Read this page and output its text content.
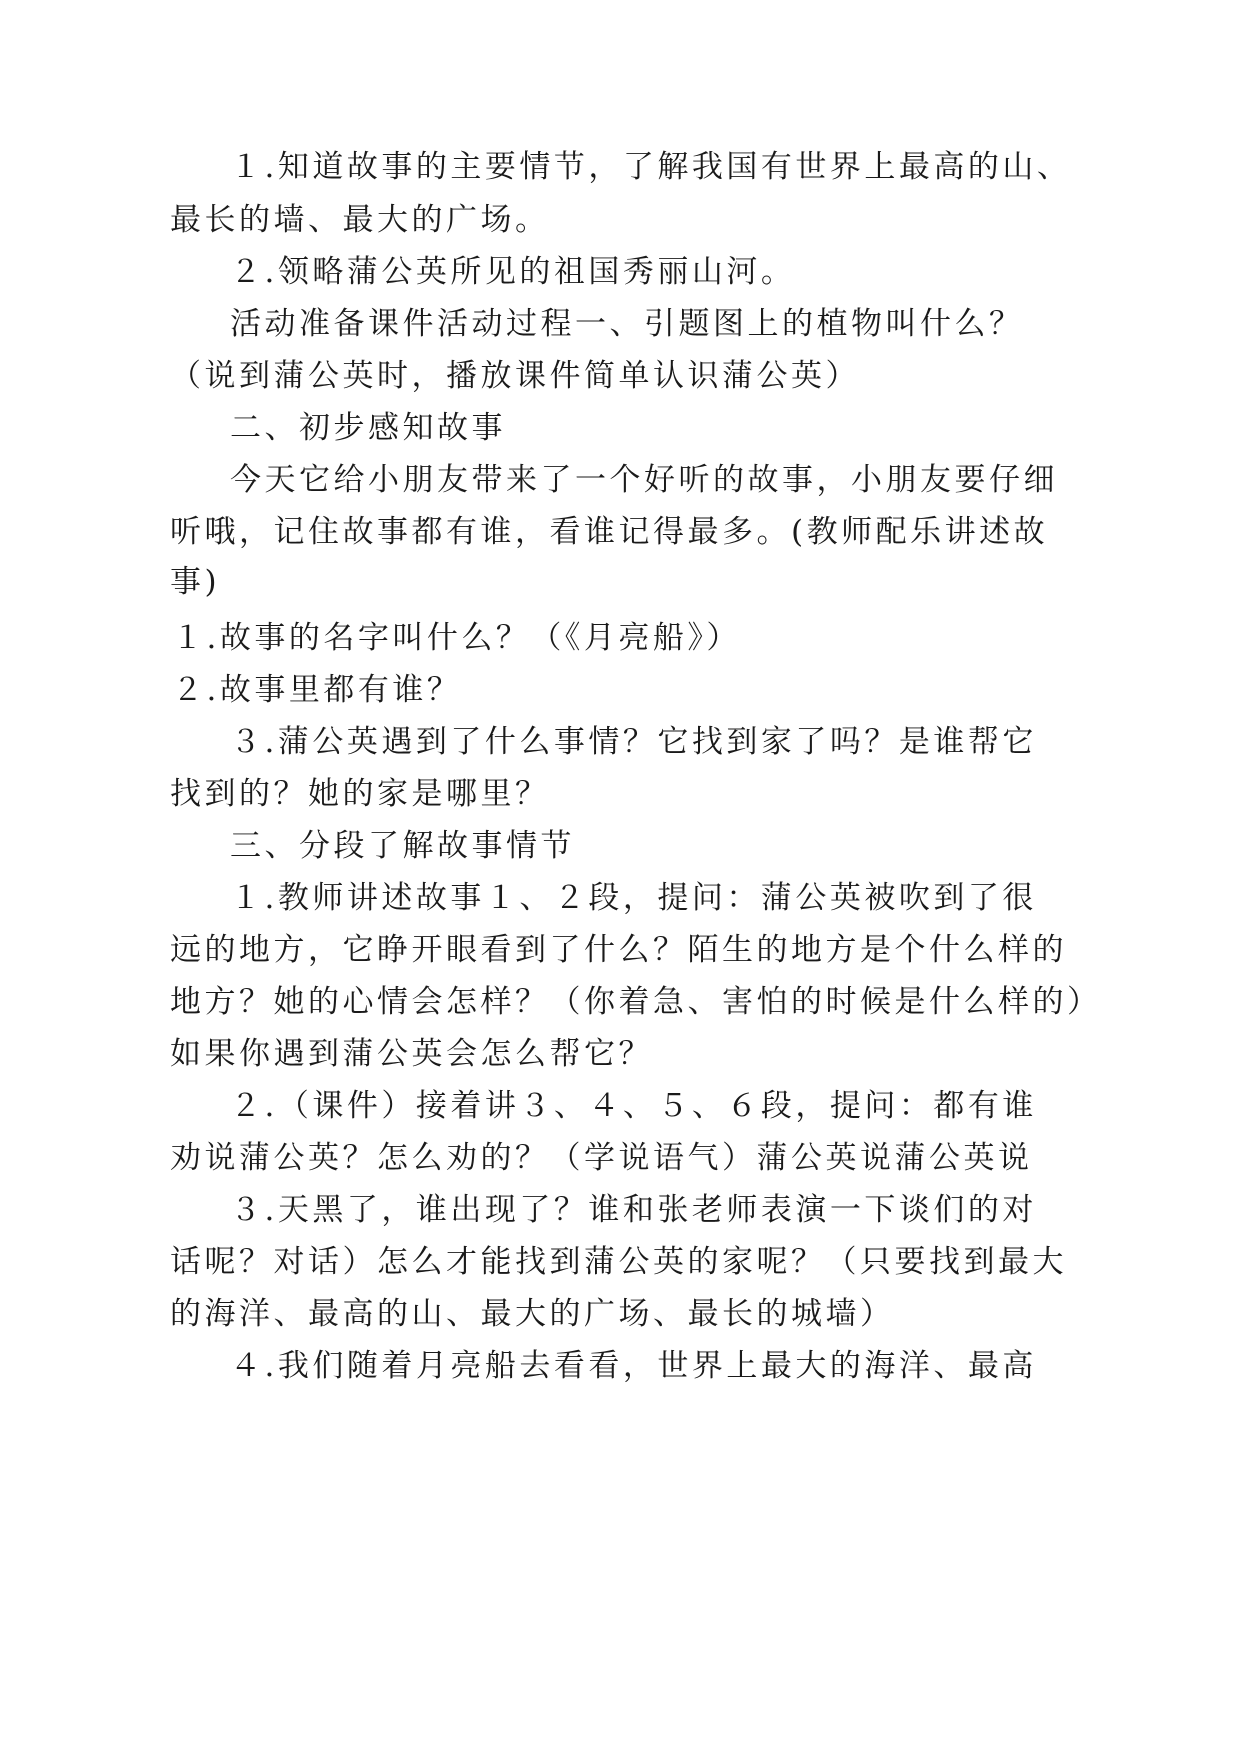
１.知道故事的主要情节，了解我国有世界上最高的山、

最长的墙、最大的广场。

２.领略蒲公英所见的祖国秀丽山河。

活动准备课件活动过程一、引题图上的植物叫什么？

（说到蒲公英时，播放课件简单认识蒲公英）

二、初步感知故事

今天它给小朋友带来了一个好听的故事，小朋友要仔细

听哦，记住故事都有谁，看谁记得最多。(教师配乐讲述故

事)

１.故事的名字叫什么？（《月亮船》）

２.故事里都有谁？

３.蒲公英遇到了什么事情？它找到家了吗？是谁帮它

找到的？她的家是哪里？

三、分段了解故事情节

１.教师讲述故事１、２段，提问：蒲公英被吹到了很

远的地方，它睁开眼看到了什么？陌生的地方是个什么样的

地方？她的心情会怎样？（你着急、害怕的时候是什么样的）

如果你遇到蒲公英会怎么帮它？

２.（课件）接着讲３、４、５、６段，提问：都有谁

劝说蒲公英？怎么劝的？（学说语气）蒲公英说蒲公英说

３.天黑了，谁出现了？谁和张老师表演一下谈们的对

话呢？对话）怎么才能找到蒲公英的家呢？（只要找到最大

的海洋、最高的山、最大的广场、最长的城墙）

４.我们随着月亮船去看看，世界上最大的海洋、最高
